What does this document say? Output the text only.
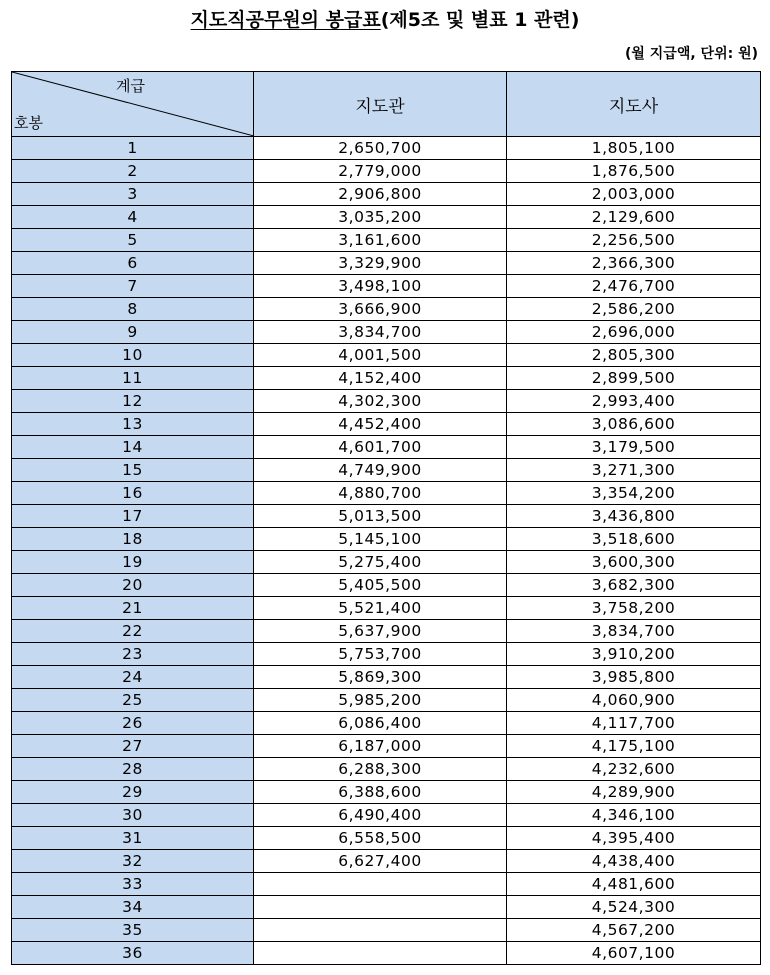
지도직공무원의 봉급표(제5조 및 별표 1 관련)
(월 지급액, 단위: 원)
계급
호봉	지도관	지도사
1	2,650,700	1,805,100
2	2,779,000	1,876,500
3	2,906,800	2,003,000
4	3,035,200	2,129,600
5	3,161,600	2,256,500
6	3,329,900	2,366,300
7	3,498,100	2,476,700
8	3,666,900	2,586,200
9	3,834,700	2,696,000
10	4,001,500	2,805,300
11	4,152,400	2,899,500
12	4,302,300	2,993,400
13	4,452,400	3,086,600
14	4,601,700	3,179,500
15	4,749,900	3,271,300
16	4,880,700	3,354,200
17	5,013,500	3,436,800
18	5,145,100	3,518,600
19	5,275,400	3,600,300
20	5,405,500	3,682,300
21	5,521,400	3,758,200
22	5,637,900	3,834,700
23	5,753,700	3,910,200
24	5,869,300	3,985,800
25	5,985,200	4,060,900
26	6,086,400	4,117,700
27	6,187,000	4,175,100
28	6,288,300	4,232,600
29	6,388,600	4,289,900
30	6,490,400	4,346,100
31	6,558,500	4,395,400
32	6,627,400	4,438,400
33		4,481,600
34		4,524,300
35		4,567,200
36		4,607,100
